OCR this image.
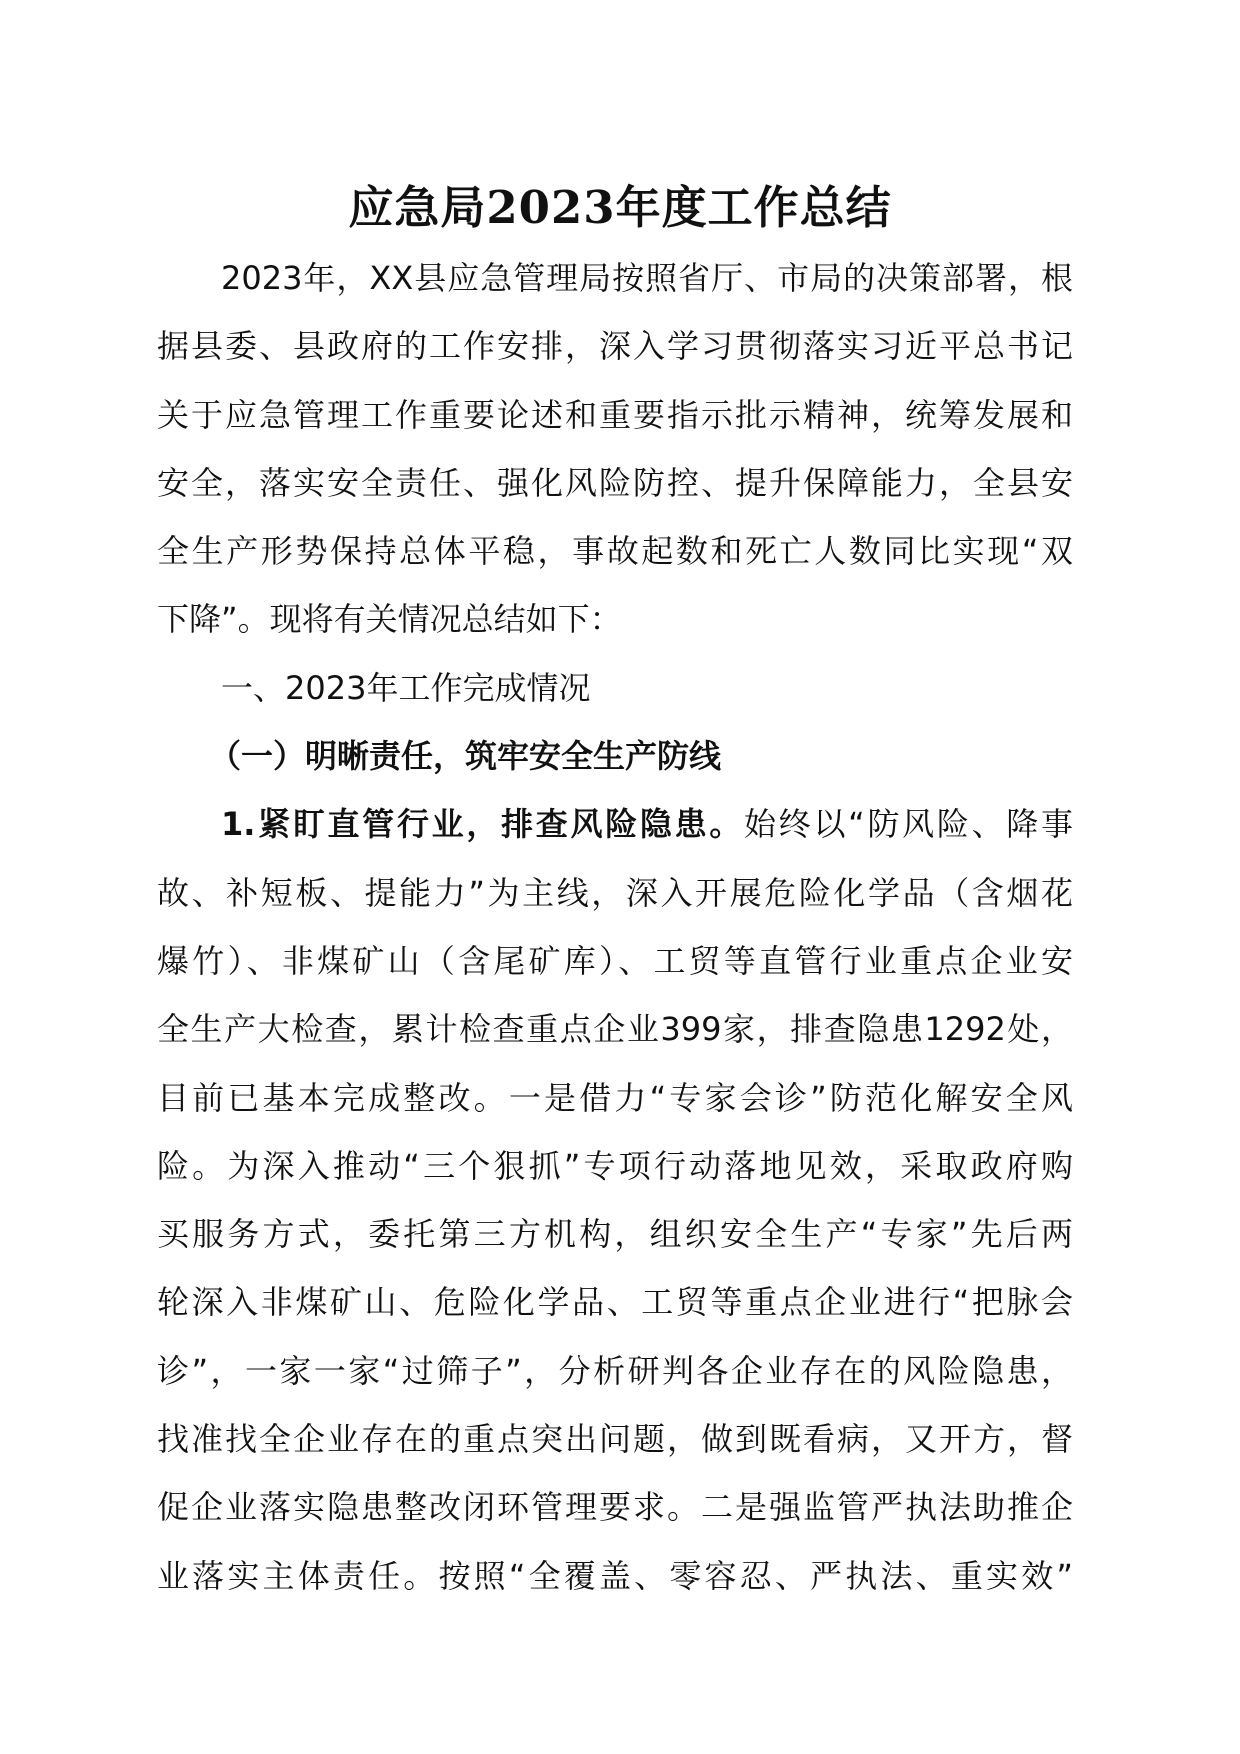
应急局2023年度工作总结
2023年，XX县应急管理局按照省厅、市局的决策部署，根
据县委、县政府的工作安排，深入学习贯彻落实习近平总书记
关于应急管理工作重要论述和重要指示批示精神，统筹发展和
安全，落实安全责任、强化风险防控、提升保障能力，全县安
全生产形势保持总体平稳，事故起数和死亡人数同比实现“双
下降”。现将有关情况总结如下：
一、2023年工作完成情况
（一）明晰责任，筑牢安全生产防线
1.紧盯直管行业，排查风险隐患。始终以“防风险、降事
故、补短板、提能力”为主线，深入开展危险化学品（含烟花
爆竹）、非煤矿山（含尾矿库）、工贸等直管行业重点企业安
全生产大检查，累计检查重点企业399家，排查隐患1292处，
目前已基本完成整改。一是借力“专家会诊”防范化解安全风
险。为深入推动“三个狠抓”专项行动落地见效，采取政府购
买服务方式，委托第三方机构，组织安全生产“专家”先后两
轮深入非煤矿山、危险化学品、工贸等重点企业进行“把脉会
诊”，一家一家“过筛子”，分析研判各企业存在的风险隐患，
找准找全企业存在的重点突出问题，做到既看病，又开方，督
促企业落实隐患整改闭环管理要求。二是强监管严执法助推企
业落实主体责任。按照“全覆盖、零容忍、严执法、重实效”
